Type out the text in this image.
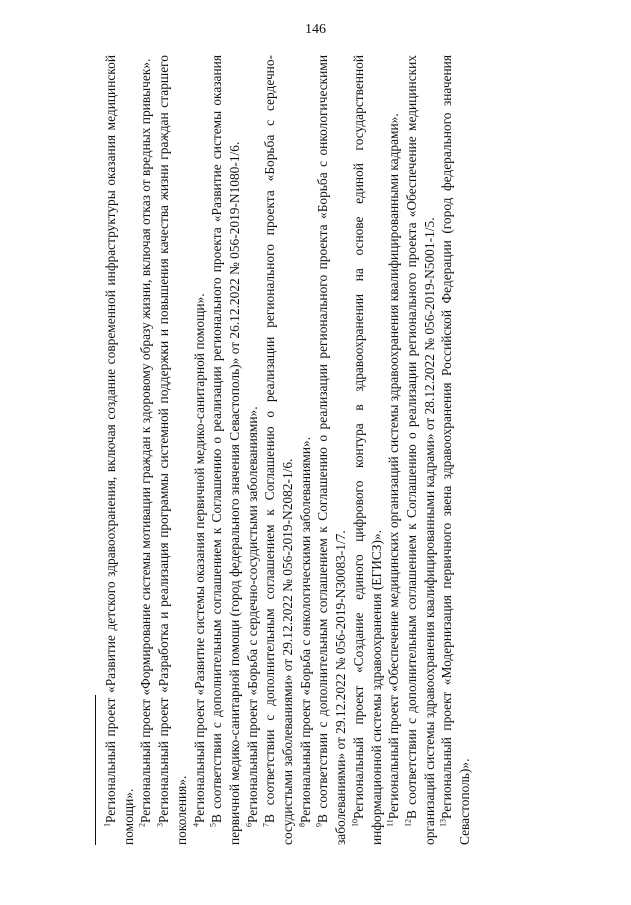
146

$^1$Региональный проект «Развитие детского здравоохранения, включая создание современной инфраструктуры оказания медицинской помощи». $^2$Региональный проект «Формирование системы мотивации граждан к здоровому образу жизни, включая отказ от вредных привычек».

$^3$Региональный проект «Разработка и реализация программы системной поддержки и повышения качества жизни граждан старшего поколения». $^4$Региональный проект «Развитие системы оказания первичной медико-санитарной помощи».

$^5$В соответствии с дополнительным соглашением к Соглашению о реализации регионального проекта «Развитие системы оказания первичной медико-санитарной помощи (город федерального значения Севастополь)» от 26.12.2022 № 056-2019-N1080-1/6. $^6$Региональный проект «Борьба с сердечно-сосудистыми заболеваниями».

$^7$В соответствии с дополнительным соглашением к Соглашению о реализации регионального проекта «Борьба с сердечно-сосудистыми заболеваниями» от 29.12.2022 № 056-2019-N2082-1/6. $^8$Региональный проект «Борьба с онкологическими заболеваниями».

$^9$В соответствии с дополнительным соглашением к Соглашению о реализации регионального проекта «Борьба с онкологическими заболеваниями» от 29.12.2022 № 056-2019-N30083-1/7. $^{10}$Региональный проект «Создание единого цифрового контура в здравоохранении на основе единой государственной информационной системы здравоохранения (ЕГИСЗ)». $^{11}$Региональный проект «Обеспечение медицинских организаций системы здравоохранения квалифицированными кадрами».

$^{12}$В соответствии с дополнительным соглашением к Соглашению о реализации регионального проекта «Обеспечение медицинских организаций системы здравоохранения квалифицированными кадрами» от 28.12.2022 № 056-2019-N5001-1/5. $^{13}$Региональный проект «Модернизация первичного звена здравоохранения Российской Федерации (город федерального значения Севастополь)».
